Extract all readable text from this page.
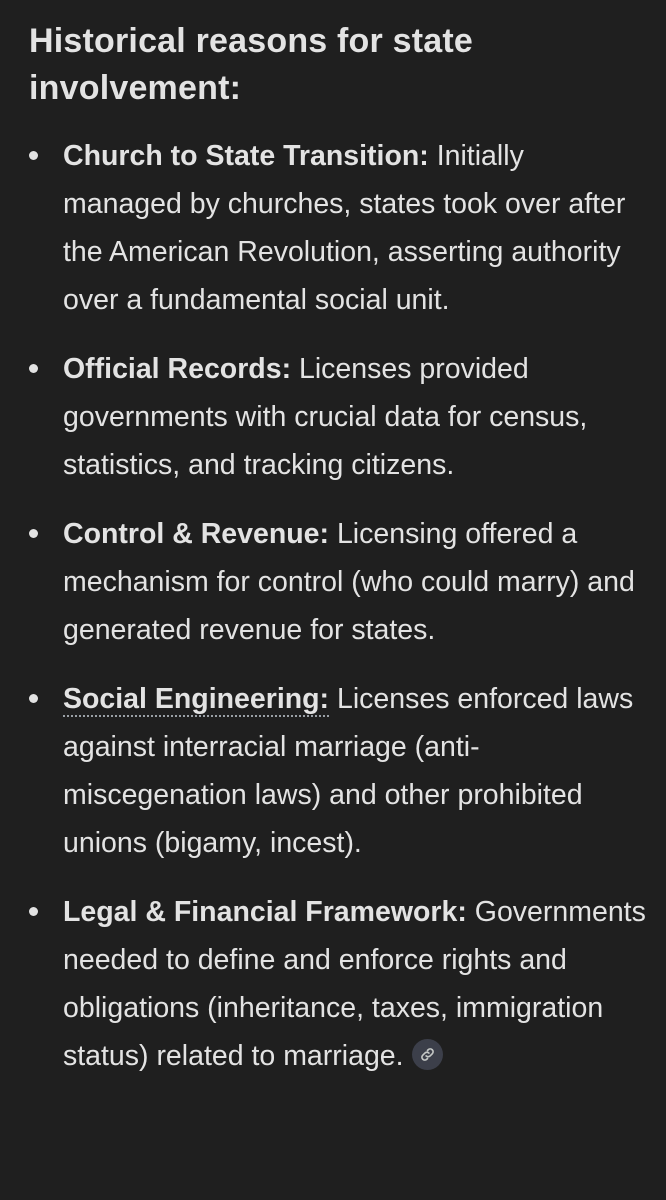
Historical reasons for state involvement:
Church to State Transition: Initially managed by churches, states took over after the American Revolution, asserting authority over a fundamental social unit.
Official Records: Licenses provided governments with crucial data for census, statistics, and tracking citizens.
Control & Revenue: Licensing offered a mechanism for control (who could marry) and generated revenue for states.
Social Engineering: Licenses enforced laws against interracial marriage (anti-miscegenation laws) and other prohibited unions (bigamy, incest).
Legal & Financial Framework: Governments needed to define and enforce rights and obligations (inheritance, taxes, immigration status) related to marriage.
